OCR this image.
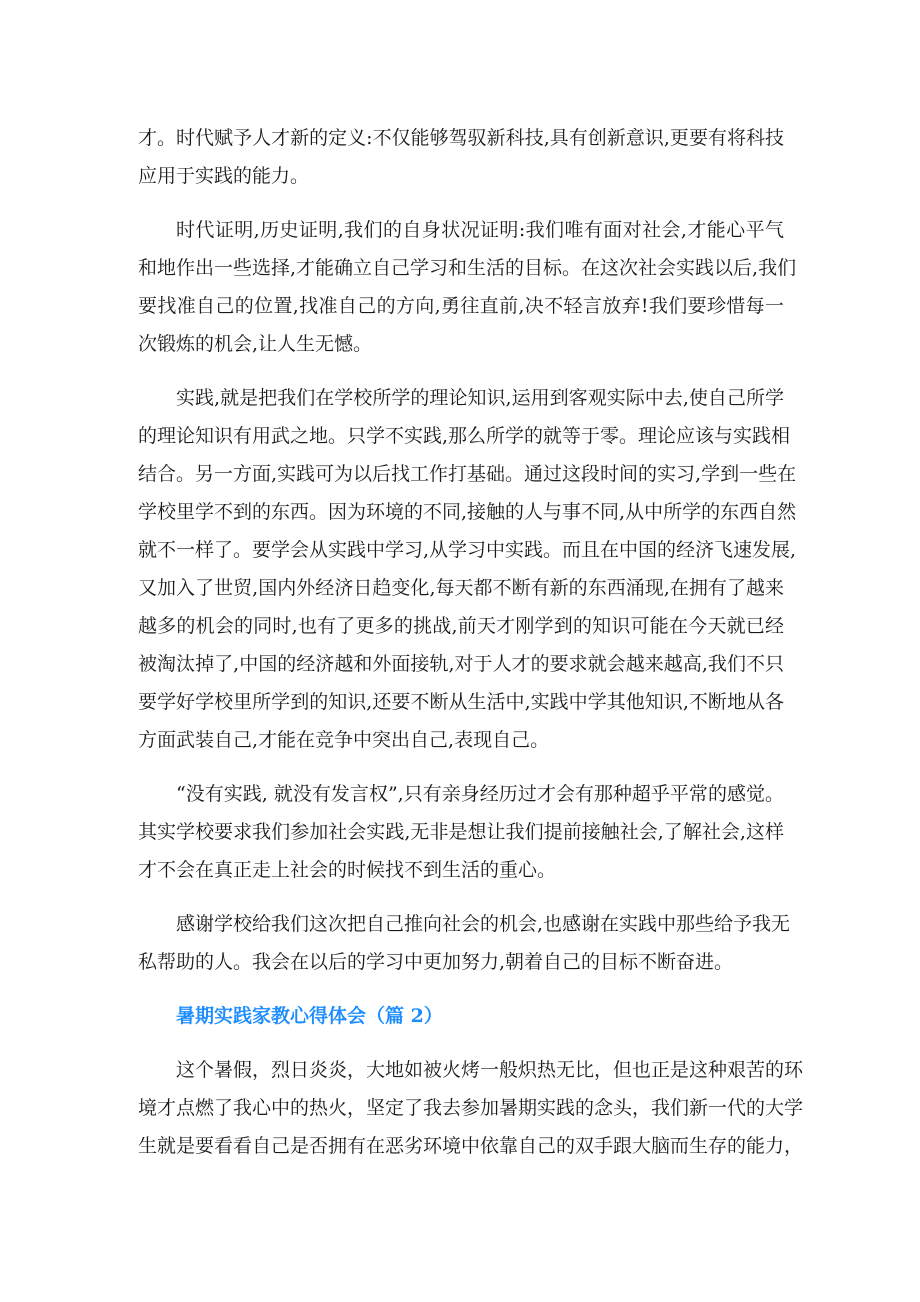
才。时代赋予人才新的定义:不仅能够驾驭新科技,具有创新意识,更要有将科技
应用于实践的能力。

时代证明,历史证明,我们的自身状况证明:我们唯有面对社会,才能心平气
和地作出一些选择,才能确立自己学习和生活的目标。在这次社会实践以后,我们
要找准自己的位置,找准自己的方向,勇往直前,决不轻言放弃!我们要珍惜每一
次锻炼的机会,让人生无憾。

实践,就是把我们在学校所学的理论知识,运用到客观实际中去,使自己所学
的理论知识有用武之地。只学不实践,那么所学的就等于零。理论应该与实践相
结合。另一方面,实践可为以后找工作打基础。通过这段时间的实习,学到一些在
学校里学不到的东西。因为环境的不同,接触的人与事不同,从中所学的东西自然
就不一样了。要学会从实践中学习,从学习中实践。而且在中国的经济飞速发展,
又加入了世贸,国内外经济日趋变化,每天都不断有新的东西涌现,在拥有了越来
越多的机会的同时,也有了更多的挑战,前天才刚学到的知识可能在今天就已经
被淘汰掉了,中国的经济越和外面接轨,对于人才的要求就会越来越高,我们不只
要学好学校里所学到的知识,还要不断从生活中,实践中学其他知识,不断地从各
方面武装自己,才能在竞争中突出自己,表现自己。

“没有实践, 就没有发言权”,只有亲身经历过才会有那种超乎平常的感觉。
其实学校要求我们参加社会实践,无非是想让我们提前接触社会,了解社会,这样
才不会在真正走上社会的时候找不到生活的重心。

感谢学校给我们这次把自己推向社会的机会,也感谢在实践中那些给予我无
私帮助的人。我会在以后的学习中更加努力,朝着自己的目标不断奋进。

暑期实践家教心得体会（篇 2）

这个暑假，烈日炎炎，大地如被火烤一般炽热无比，但也正是这种艰苦的环
境才点燃了我心中的热火，坚定了我去参加暑期实践的念头，我们新一代的大学
生就是要看看自己是否拥有在恶劣环境中依靠自己的双手跟大脑而生存的能力，
